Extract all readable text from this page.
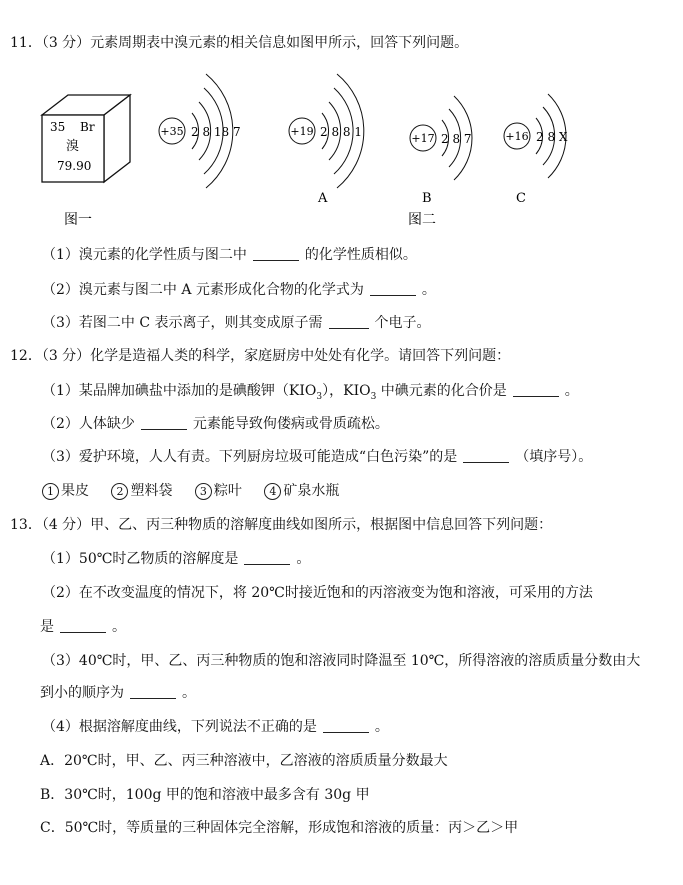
11．（3 分）元素周期表中溴元素的相关信息如图甲所示，回答下列问题。
35 Br
溴
79.90
+35 2 8 18 7	+19 2 8 8 1
A
+17 2 8 7
B
+16 2 8 X
C
图一	图二
（1）溴元素的化学性质与图二中	的化学性质相似。
（2）溴元素与图二中 A 元素形成化合物的化学式为	。
（3）若图二中 C 表示离子，则其变成原子需	个电子。
12．（3 分）化学是造福人类的科学，家庭厨房中处处有化学。请回答下列问题：
（1）某品牌加碘盐中添加的是碘酸钾$(KIO_3)$，$KIO_3$ 中碘元素的化合价是	。
（2）人体缺少	元素能导致佝偻病或骨质疏松。
（3）爱护环境，人人有责。下列厨房垃圾可能造成“白色污染”的是	（填序号）。
1 果皮 2 塑料袋 3 粽叶 4 矿泉水瓶
13．（4 分）甲、乙、丙三种物质的溶解度曲线如图所示，根据图中信息回答下列问题：
（1）50℃时乙物质的溶解度是	。
（2）在不改变温度的情况下，将 20℃时接近饱和的丙溶液变为饱和溶液，可采用的方法
是	。
（3）40℃时，甲、乙、丙三种物质的饱和溶液同时降温至 10℃，所得溶液的溶质质量分数由大
到小的顺序为	。
（4）根据溶解度曲线，下列说法不正确的是	。
A．20℃时，甲、乙、丙三种溶液中，乙溶液的溶质质量分数最大
B．30℃时，100g 甲的饱和溶液中最多含有 30g 甲
C．50℃时，等质量的三种固体完全溶解，形成饱和溶液的质量：丙＞乙＞甲
